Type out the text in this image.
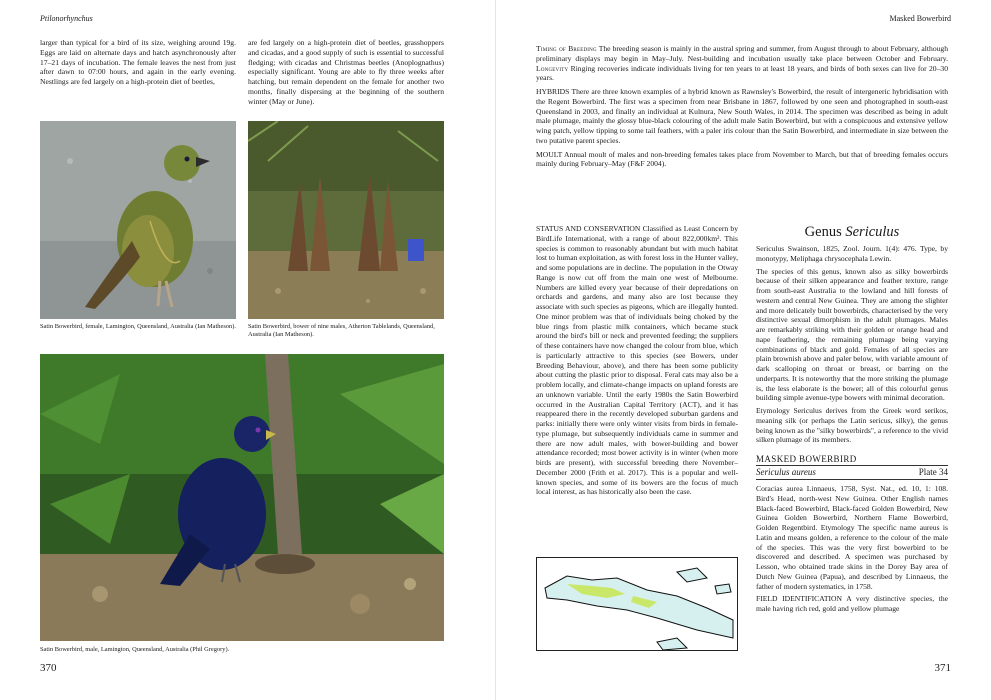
Ptilonorhynchus

larger than typical for a bird of its size, weighing around 19g. Eggs are laid on alternate days and hatch asynchronously after 17–21 days of incubation. The female leaves the nest from just after dawn to 07:00 hours, and again in the early evening. Nestlings are fed largely on a high-protein diet of beetles,

are fed largely on a high-protein diet of beetles, grasshoppers and cicadas, and a good supply of such is essential to successful fledging; with cicadas and Christmas beetles (Anoplognathus) especially significant. Young are able to fly three weeks after hatching, but remain dependent on the female for another two months, finally dispersing at the beginning of the southern winter (May or June).

Satin Bowerbird, female, Lamington, Queensland, Australia (Ian Matheson). Satin Bowerbird, bower of nine males, Atherton Tablelands, Queensland, Australia (Ian Matheson).
Satin Bowerbird, male, Lamington, Queensland, Australia (Phil Gregory).
370
Masked Bowerbird

Timing of Breeding The breeding season is mainly in the austral spring and summer, from August through to about February, although preliminary displays may begin in May–July. Nest-building and incubation usually take place between October and February. Longevity Ringing recoveries indicate individuals living for ten years to at least 18 years, and birds of both sexes can live for 20–30 years.

HYBRIDS There are three known examples of a hybrid known as Rawnsley's Bowerbird, the result of intergeneric hybridisation with the Regent Bowerbird. The first was a specimen from near Brisbane in 1867, followed by one seen and photographed in south-east Queensland in 2003, and finally an individual at Kulnura, New South Wales, in 2014. The specimen was described as being in adult male plumage, mainly the glossy blue-black colouring of the adult male Satin Bowerbird, but with a conspicuous and extensive yellow wing patch, yellow tipping to some tail feathers, with a paler iris colour than the Satin Bowerbird, and intermediate in size between the two putative parent species.

MOULT Annual moult of males and non-breeding females takes place from November to March, but that of breeding females occurs mainly during February–May (F&F 2004).

STATUS AND CONSERVATION Classified as Least Concern by BirdLife International, with a range of about 822,000km². This species is common to reasonably abundant but with much habitat lost to human exploitation, as with forest loss in the Hunter valley, and some populations are in decline. The population in the Otway Range is now cut off from the main one west of Melbourne. Numbers are killed every year because of their depredations on orchards and gardens, and many also are lost because they associate with such species as pigeons, which are illegally hunted. One minor problem was that of individuals being choked by the blue rings from plastic milk containers, which became stuck around the bird's bill or neck and prevented feeding; the suppliers of these containers have now changed the colour from blue, which is particularly attractive to this species (see Bowers, under Breeding Behaviour, above), and there has been some publicity about cutting the plastic prior to disposal. Feral cats may also be a problem locally, and climate-change impacts on upland forests are an unknown variable. Until the early 1980s the Satin Bowerbird occurred in the Australian Capital Territory (ACT), and it has reappeared there in the recently developed suburban gardens and parks: initially there were only winter visits from birds in female-type plumage, but subsequently individuals came in summer and there are now adult males, with bower-building and bower attendance recorded; most bower activity is in winter (when more birds are present), with successful breeding there November–December 2000 (Frith et al. 2017). This is a popular and well-known species, and some of its bowers are the focus of much local interest, as has historically also been the case.

Genus Sericulus

Sericulus Swainson, 1825, Zool. Journ. 1(4): 476. Type, by monotypy, Meliphaga chrysocephala Lewin.

The species of this genus, known also as silky bowerbirds because of their silken appearance and feather texture, range from south-east Australia to the lowland and hill forests of western and central New Guinea. They are among the slighter and more delicately built bowerbirds, characterised by the very distinctive sexual dimorphism in the adult plumages. Males are remarkably striking with their golden or orange head and nape feathering, the remaining plumage being varying combinations of black and gold. Females of all species are plain brownish above and paler below, with variable amount of dark scalloping on throat or breast, or barring on the underparts. It is noteworthy that the more striking the plumage is, the less elaborate is the bower; all of this colourful genus building simple avenue-type bowers with minimal decoration.

Etymology Sericulus derives from the Greek word serikos, meaning silk (or perhaps the Latin sericus, silky), the genus being known as the "silky bowerbirds", a reference to the vivid silken plumage of its members.

MASKED BOWERBIRD
Sericulus aureus	Plate 34

Coracias aurea Linnaeus, 1758, Syst. Nat., ed. 10, 1: 108. Bird's Head, north-west New Guinea. Other English names Black-faced Bowerbird, Black-faced Golden Bowerbird, New Guinea Golden Bowerbird, Northern Flame Bowerbird, Golden Regentbird. Etymology The specific name aureus is Latin and means golden, a reference to the colour of the male of the species. This was the very first bowerbird to be discovered and described. A specimen was purchased by Lesson, who obtained trade skins in the Dorey Bay area of Dutch New Guinea (Papua), and described by Linnaeus, the father of modern systematics, in 1758.

FIELD IDENTIFICATION A very distinctive species, the male having rich red, gold and yellow plumage

371
